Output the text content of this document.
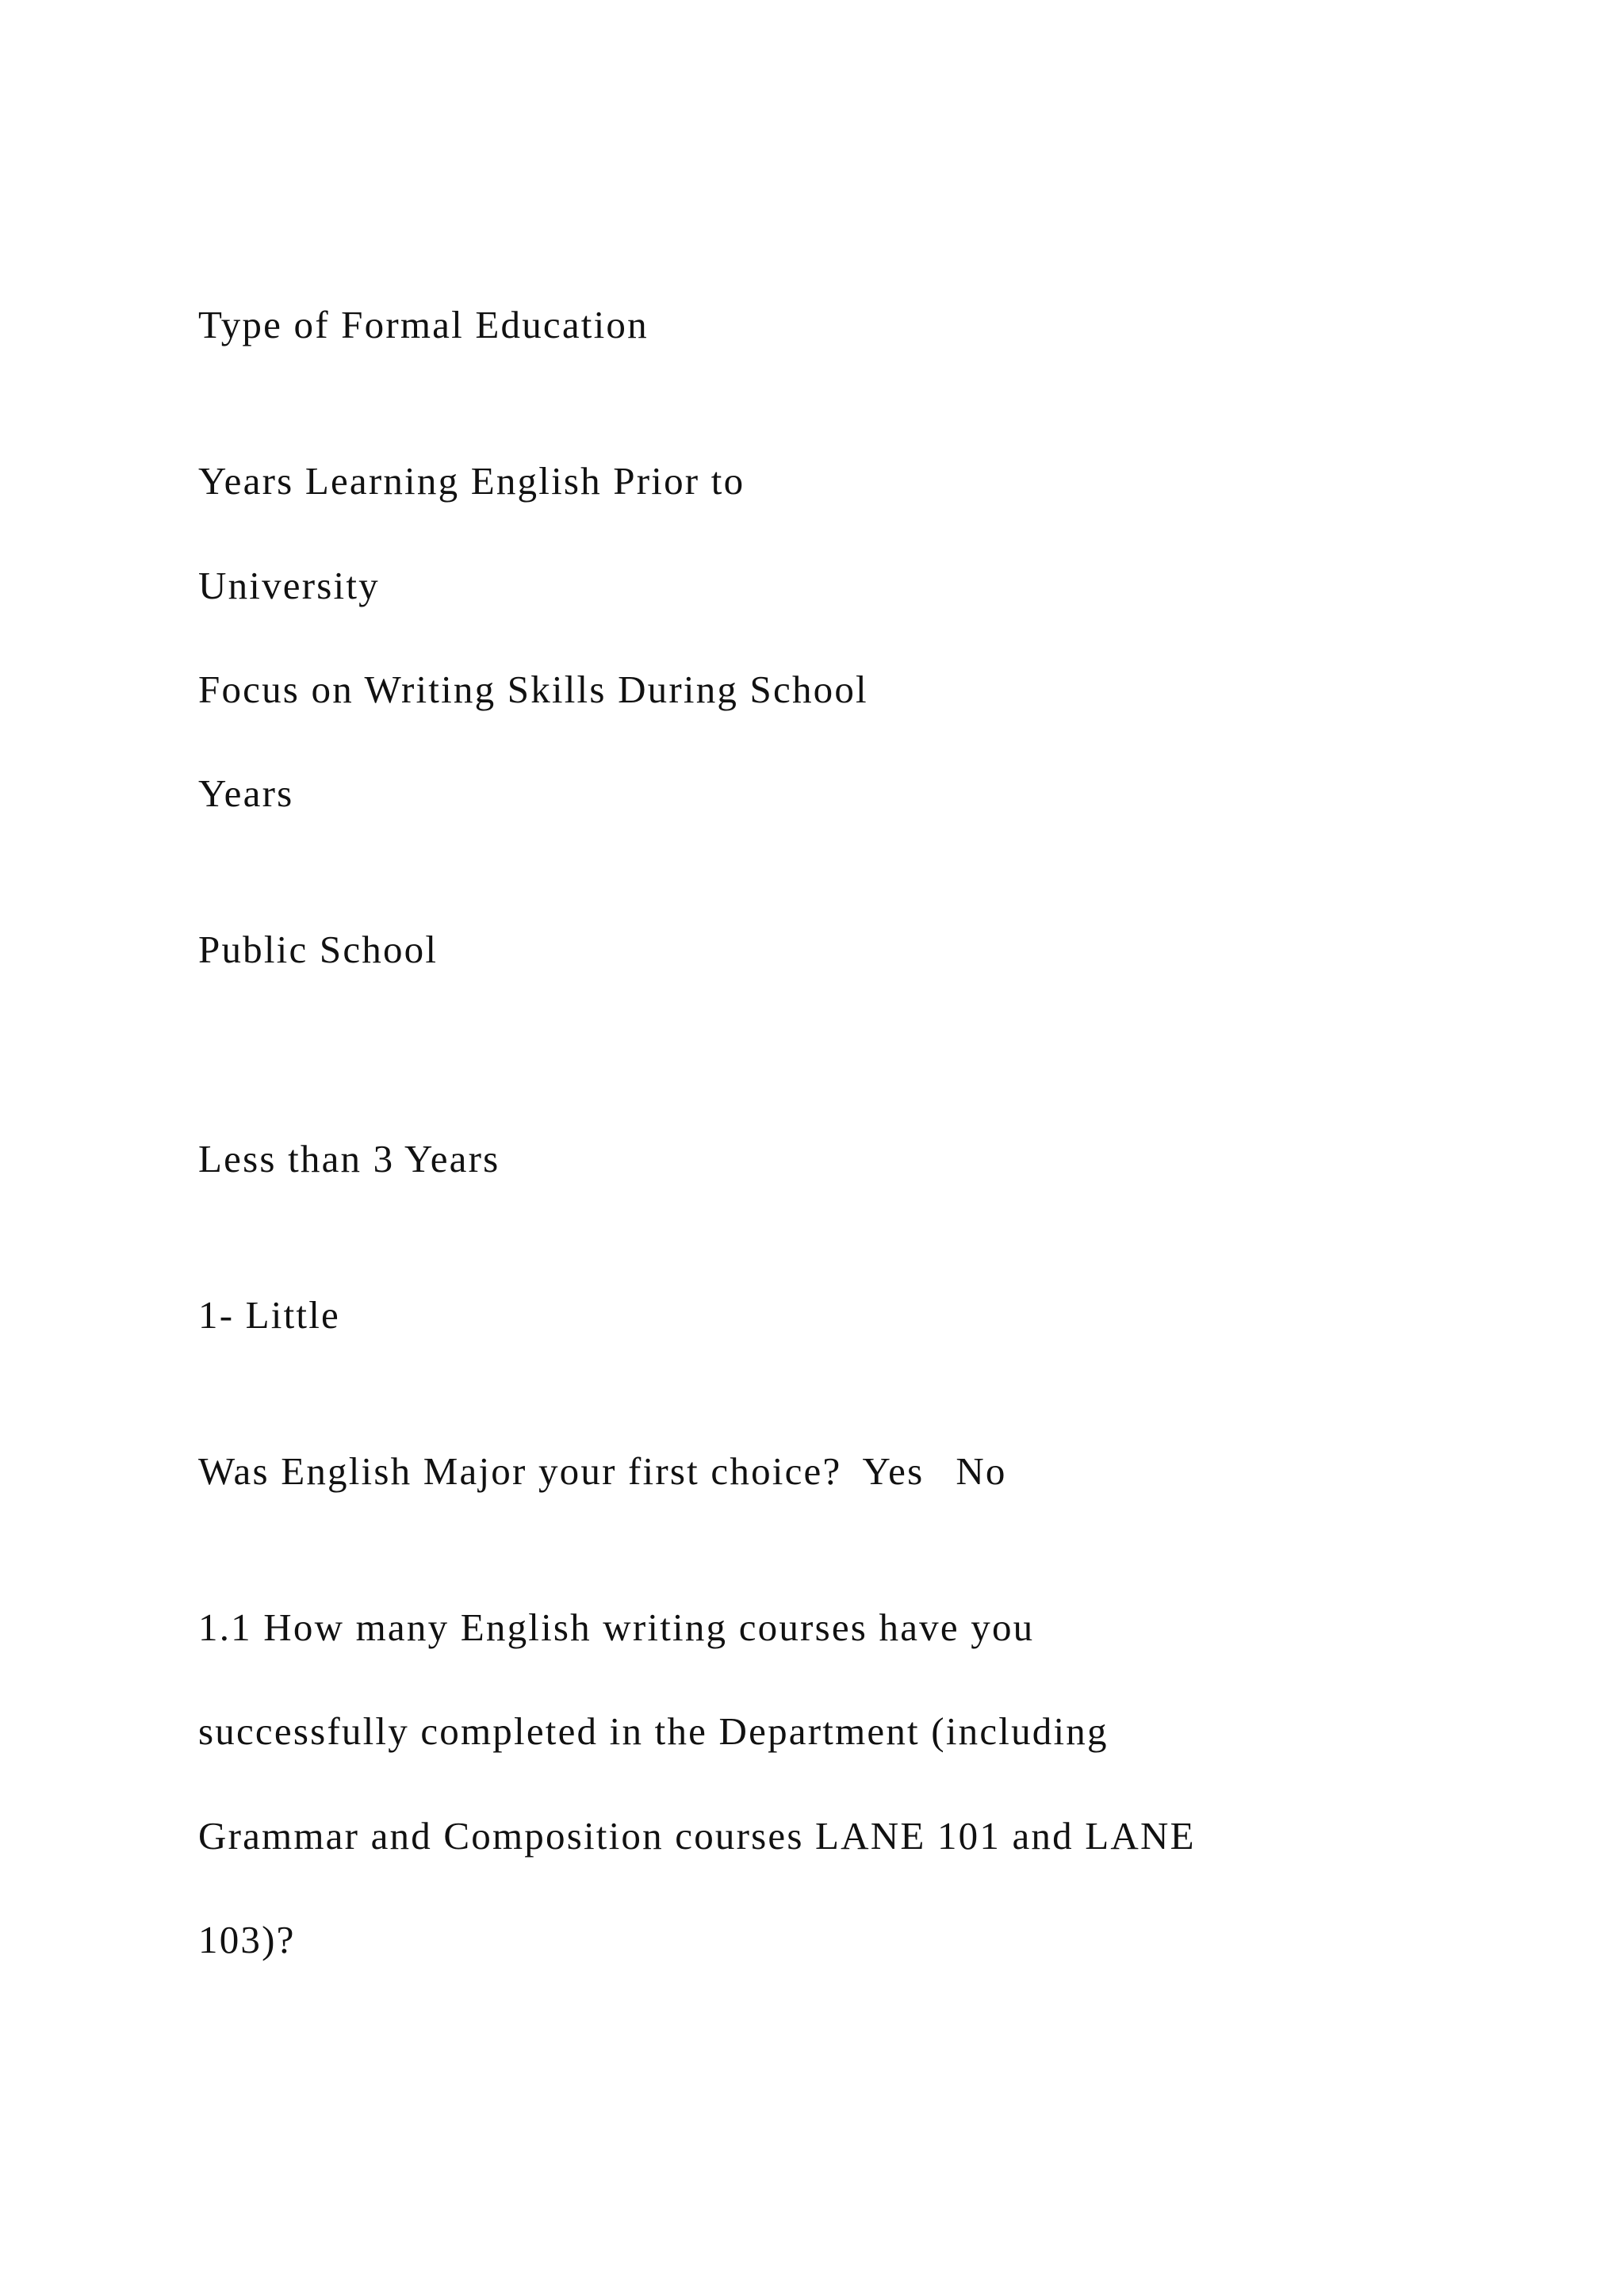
Type of Formal Education

Years Learning English Prior to

University

Focus on Writing Skills During School

Years

Public School

Less than 3 Years

1- Little

Was English Major your first choice? Yes No

1.1 How many English writing courses have you

successfully completed in the Department (including

Grammar and Composition courses LANE 101 and LANE

103)?
